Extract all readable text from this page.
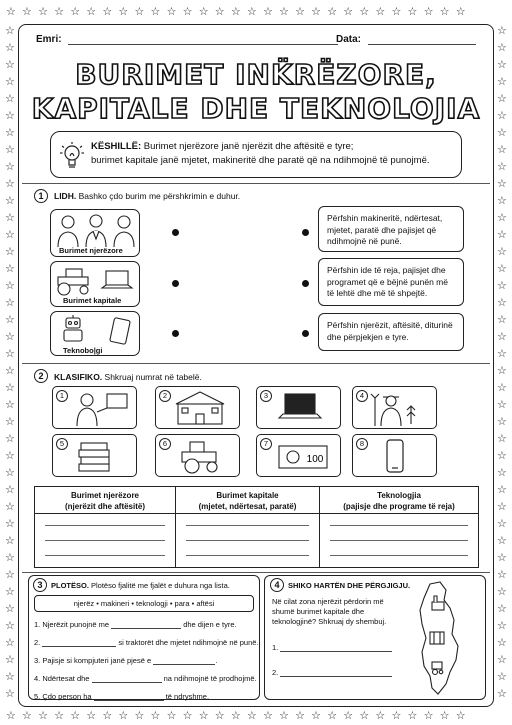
☆☆☆☆☆☆☆☆☆☆☆☆☆☆☆☆☆☆☆☆☆☆☆☆☆☆☆☆☆
☆☆☆☆☆☆☆☆☆☆☆☆☆☆☆☆☆☆☆☆☆☆☆☆☆☆☆☆☆
☆
☆
☆
☆
☆
☆
☆
☆
☆
☆
☆
☆
☆
☆
☆
☆
☆
☆
☆
☆
☆
☆
☆
☆
☆
☆
☆
☆
☆
☆
☆
☆
☆
☆
☆
☆
☆
☆
☆
☆
☆
☆
☆
☆
☆
☆
☆
☆
☆
☆
☆
☆
☆
☆
☆
☆
☆
☆
☆
☆
☆
☆
☆
☆
☆
☆
☆
☆
☆
☆
☆
☆
☆
☆
☆
☆
☆
☆
☆
☆
Emri:	Data:
BURIMET INK̈RËZORE,
KAPITALE DHE TEKNOLOJIA
KËSHILLË: Burimet njerëzore janë njerëzit dhe aftësitë e tyre;
burimet kapitale janë mjetet, makineritë dhe paratë që na ndihmojnë të punojmë.
1	LIDH. Bashko çdo burim me përshkrimin e duhur.
Burimet njerëzore
Burimet kapitale
Teknobo|ɡi
Përfshin makineritë, ndërtesat, mjetet, paratë dhe pajisjet që ndihmojnë në punë.
Përfshin ide të reja, pajisjet dhe programet që e bëjnë punën më të lehtë dhe më të shpejtë.
Përfshin njerëzit, aftësitë, diturinë dhe përpjekjen e tyre.
2	KLASIFIKO. Shkruaj numrat në tabelë.
1	2	3	4
5	6	7
100
8
Burimet njerëzore
(njerëzit dhe aftësitë)
Burimet kapitale
(mjetet, ndërtesat, paratë)
Teknologjia
(pajisje dhe programe të reja)
3	PLOTËSO. Plotëso fjalitë me fjalët e duhura nga lista.
njerëz • makineri • teknologji • para • aftësi
1. Njerëzit punojnë me	dhe dijen e tyre.
2.	si traktorët dhe mjetet ndihmojnë në punë.
3. Pajisje si kompjuteri janë pjesë e	.
4. Ndërtesat dhe	na ndihmojnë të prodhojmë.
5. Çdo person ha	të ndryshme.
4	SHIKO HARTËN DHE PËRGJIGJU.
Në cilat zona njerëzit përdorin më shumë burimet kapitale dhe teknologjinë? Shkruaj dy shembuj.
1.
2.
